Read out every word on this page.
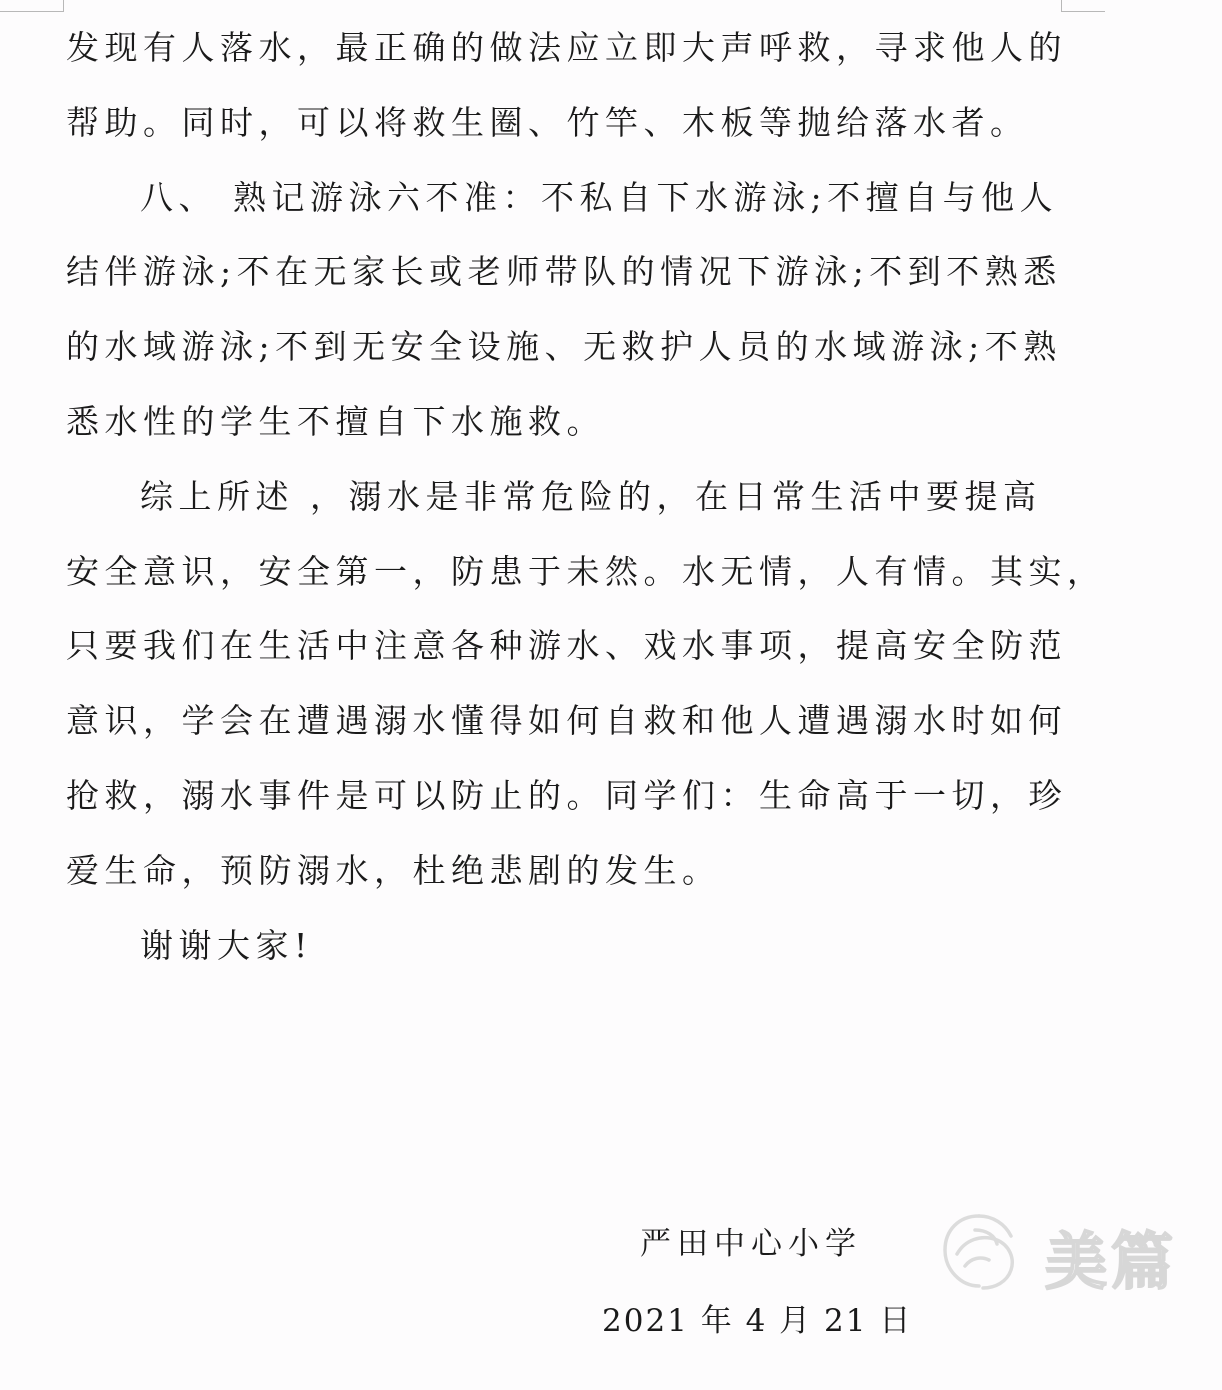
发现有人落水，最正确的做法应立即大声呼救，寻求他人的
帮助。同时，可以将救生圈、竹竿、木板等抛给落水者。
八、 熟记游泳六不准：不私自下水游泳;不擅自与他人
结伴游泳;不在无家长或老师带队的情况下游泳;不到不熟悉
的水域游泳;不到无安全设施、无救护人员的水域游泳;不熟
悉水性的学生不擅自下水施救。
综上所述 ，溺水是非常危险的，在日常生活中要提高
安全意识，安全第一，防患于未然。水无情，人有情。其实，
只要我们在生活中注意各种游水、戏水事项，提高安全防范
意识，学会在遭遇溺水懂得如何自救和他人遭遇溺水时如何
抢救，溺水事件是可以防止的。同学们：生命高于一切，珍
爱生命，预防溺水，杜绝悲剧的发生。
谢谢大家!
严田中心小学
2021 年 4 月 21 日
美篇
